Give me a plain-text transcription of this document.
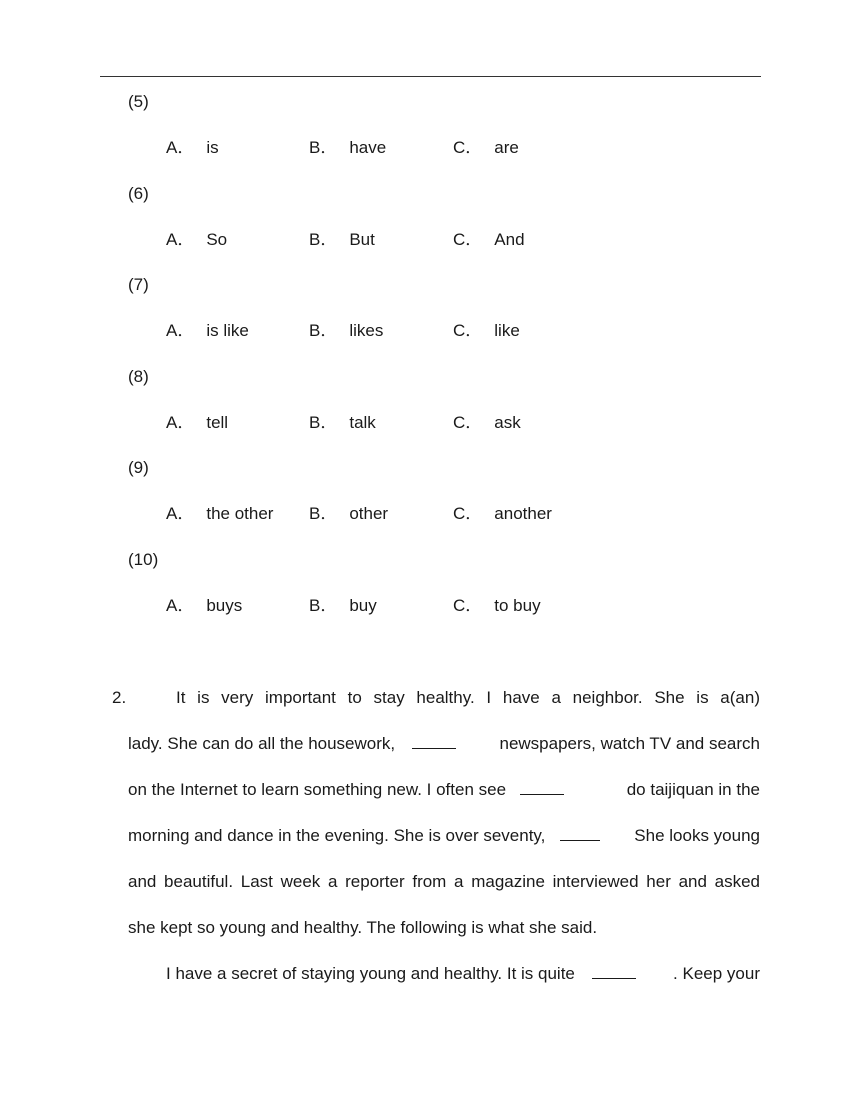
(5)
A． is	B． have	C． are
(6)
A． So	B． But	C． And
(7)
A． is like	B． likes	C． like
(8)
A． tell	B． talk	C． ask
(9)
A． the other B． other	C． another
(10)
A． buys	B． buy	C． to buy
2.	It is very important to stay healthy. I have a neighbor. She is a(an)
lady. She can do all the housework,	newspapers, watch TV and search
on the Internet to learn something new. I often see	do taijiquan in the
morning and dance in the evening. She is over seventy,	She looks young
and beautiful. Last week a reporter from a magazine interviewed her and asked
she kept so young and healthy. The following is what she said.
I have a secret of staying young and healthy. It is quite	. Keep your
